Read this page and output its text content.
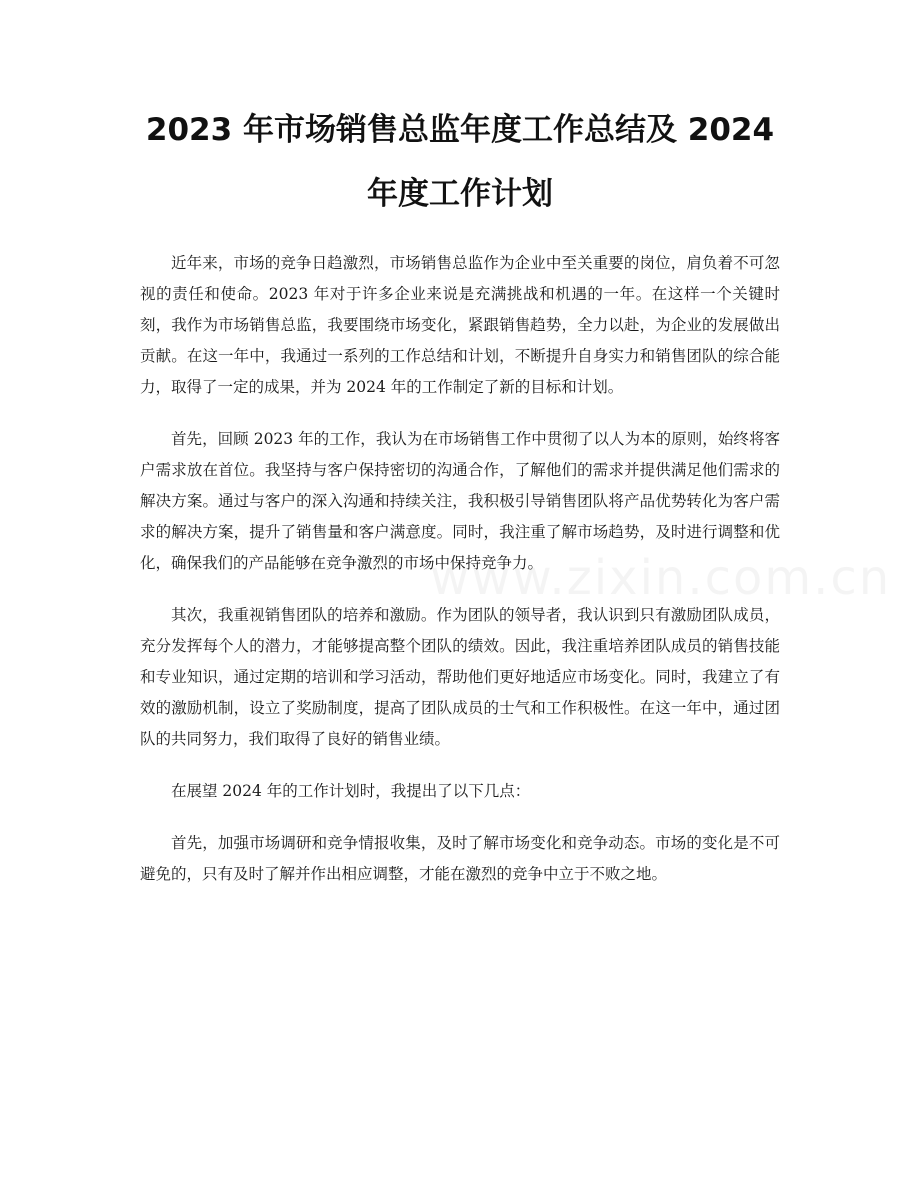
2023 年市场销售总监年度工作总结及 2024 年度工作计划

近年来，市场的竞争日趋激烈，市场销售总监作为企业中至关重要的岗位，肩负着不可忽视的责任和使命。2023 年对于许多企业来说是充满挑战和机遇的一年。在这样一个关键时刻，我作为市场销售总监，我要围绕市场变化，紧跟销售趋势，全力以赴，为企业的发展做出贡献。在这一年中，我通过一系列的工作总结和计划，不断提升自身实力和销售团队的综合能力，取得了一定的成果，并为 2024 年的工作制定了新的目标和计划。

首先，回顾 2023 年的工作，我认为在市场销售工作中贯彻了以人为本的原则，始终将客户需求放在首位。我坚持与客户保持密切的沟通合作，了解他们的需求并提供满足他们需求的解决方案。通过与客户的深入沟通和持续关注，我积极引导销售团队将产品优势转化为客户需求的解决方案，提升了销售量和客户满意度。同时，我注重了解市场趋势，及时进行调整和优化，确保我们的产品能够在竞争激烈的市场中保持竞争力。

其次，我重视销售团队的培养和激励。作为团队的领导者，我认识到只有激励团队成员，充分发挥每个人的潜力，才能够提高整个团队的绩效。因此，我注重培养团队成员的销售技能和专业知识，通过定期的培训和学习活动，帮助他们更好地适应市场变化。同时，我建立了有效的激励机制，设立了奖励制度，提高了团队成员的士气和工作积极性。在这一年中，通过团队的共同努力，我们取得了良好的销售业绩。

在展望 2024 年的工作计划时，我提出了以下几点：

首先，加强市场调研和竞争情报收集，及时了解市场变化和竞争动态。市场的变化是不可避免的，只有及时了解并作出相应调整，才能在激烈的竞争中立于不败之地。
